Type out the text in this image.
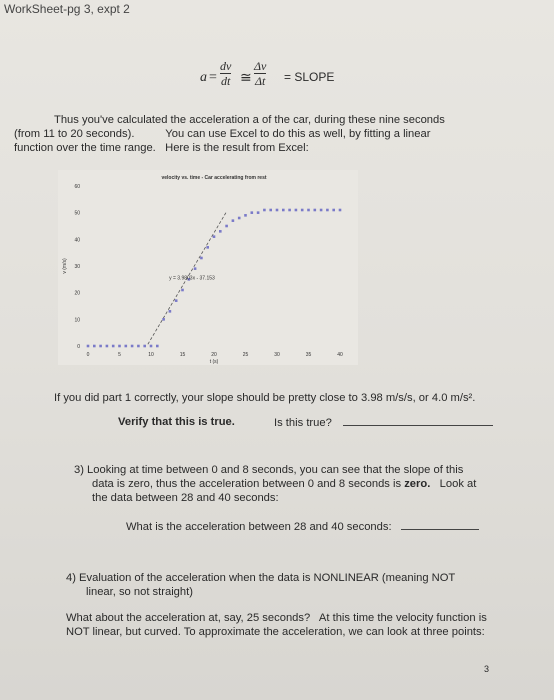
WorkSheet-pg 3, expt 2
a =
dv
dt ≅
Δv
Δt = SLOPE
Thus you've calculated the acceleration a of the car, during these nine seconds
(from 11 to 20 seconds).          You can use Excel to do this as well, by fitting a linear
function over the time range.   Here is the result from Excel:
velocity vs. time - Car accelerating from rest
0
10
20
30
40
50
60
0	5	10	15	20	25	30	35	40
t (s)
v (m/s)
y = 3.9803x - 37.153
If you did part 1 correctly, your slope should be pretty close to 3.98 m/s/s, or 4.0 m/s².
Verify that this is true.	Is this true?
3) Looking at time between 0 and 8 seconds, you can see that the slope of this
data is zero, thus the acceleration between 0 and 8 seconds is zero.   Look at
the data between 28 and 40 seconds:
What is the acceleration between 28 and 40 seconds:
4) Evaluation of the acceleration when the data is NONLINEAR (meaning NOT
linear, so not straight)
What about the acceleration at, say, 25 seconds?   At this time the velocity function is
NOT linear, but curved. To approximate the acceleration, we can look at three points:
3
